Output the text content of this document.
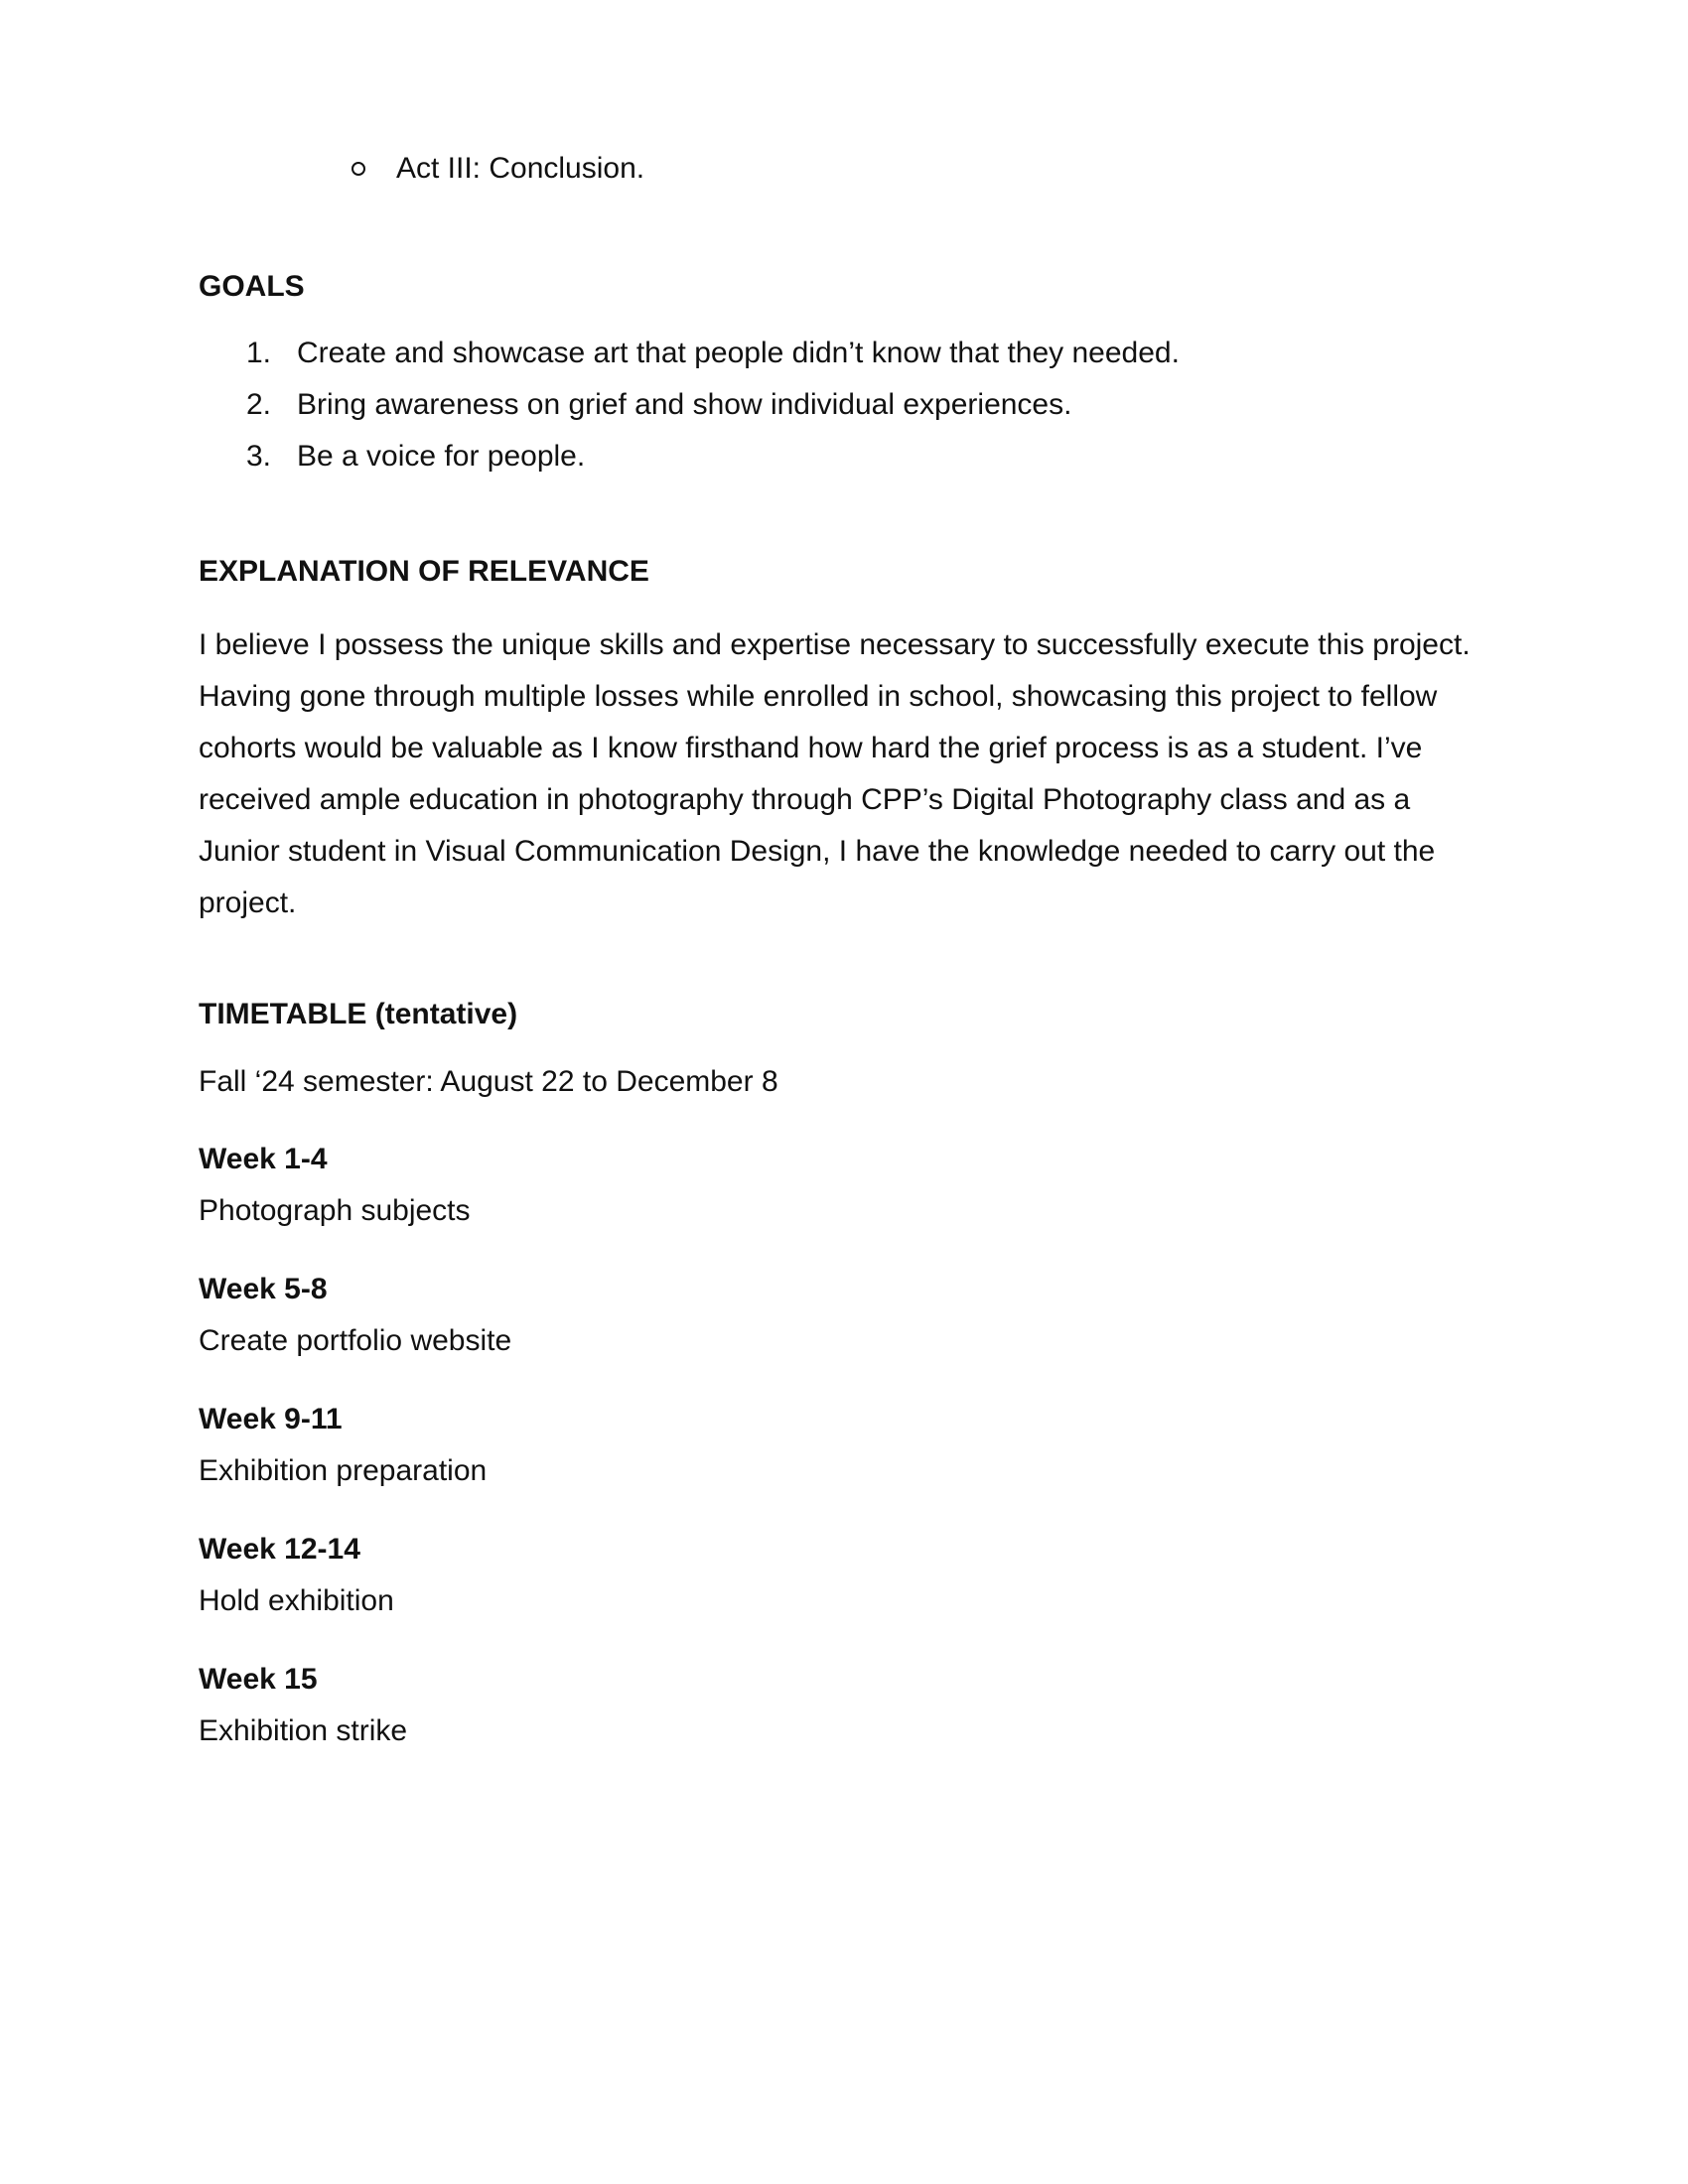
Act III: Conclusion.
GOALS
1. Create and showcase art that people didn’t know that they needed.
2. Bring awareness on grief and show individual experiences.
3. Be a voice for people.
EXPLANATION OF RELEVANCE

I believe I possess the unique skills and expertise necessary to successfully execute this project. Having gone through multiple losses while enrolled in school, showcasing this project to fellow cohorts would be valuable as I know firsthand how hard the grief process is as a student. I’ve received ample education in photography through CPP’s Digital Photography class and as a Junior student in Visual Communication Design, I have the knowledge needed to carry out the project.

TIMETABLE (tentative)
Fall ‘24 semester: August 22 to December 8
Week 1-4
Photograph subjects
Week 5-8
Create portfolio website
Week 9-11
Exhibition preparation
Week 12-14
Hold exhibition
Week 15
Exhibition strike
